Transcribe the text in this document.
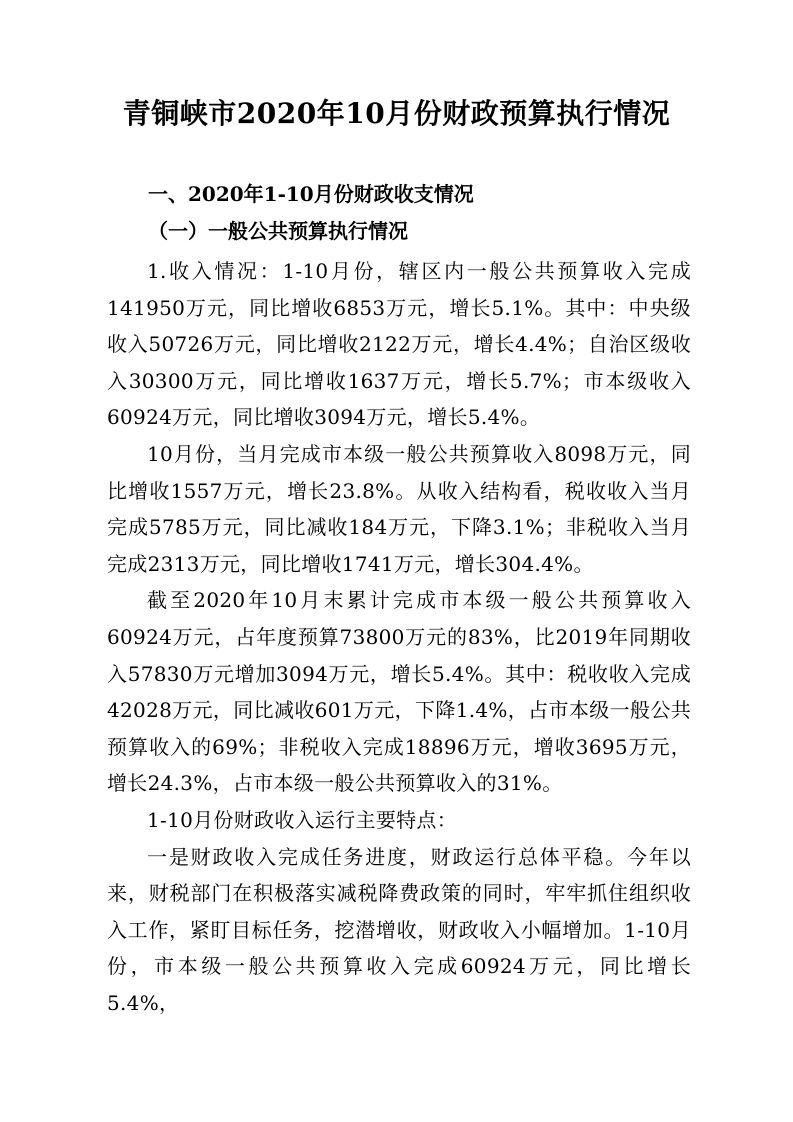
青铜峡市2020年10月份财政预算执行情况
一、2020年1-10月份财政收支情况
（一）一般公共预算执行情况

1.收入情况：1-10月份，辖区内一般公共预算收入完成141950万元，同比增收6853万元，增长5.1%。其中：中央级收入50726万元，同比增收2122万元，增长4.4%；自治区级收入30300万元，同比增收1637万元，增长5.7%；市本级收入60924万元，同比增收3094万元，增长5.4%。

10月份，当月完成市本级一般公共预算收入8098万元，同比增收1557万元，增长23.8%。从收入结构看，税收收入当月完成5785万元，同比减收184万元，下降3.1%；非税收入当月完成2313万元，同比增收1741万元，增长304.4%。

截至2020年10月末累计完成市本级一般公共预算收入60924万元，占年度预算73800万元的83%，比2019年同期收入57830万元增加3094万元，增长5.4%。其中：税收收入完成42028万元，同比减收601万元，下降1.4%，占市本级一般公共预算收入的69%；非税收入完成18896万元，增收3695万元，增长24.3%，占市本级一般公共预算收入的31%。

1-10月份财政收入运行主要特点：

一是财政收入完成任务进度，财政运行总体平稳。今年以来，财税部门在积极落实减税降费政策的同时，牢牢抓住组织收入工作，紧盯目标任务，挖潜增收，财政收入小幅增加。1-10月份，市本级一般公共预算收入完成60924万元，同比增长5.4%，
